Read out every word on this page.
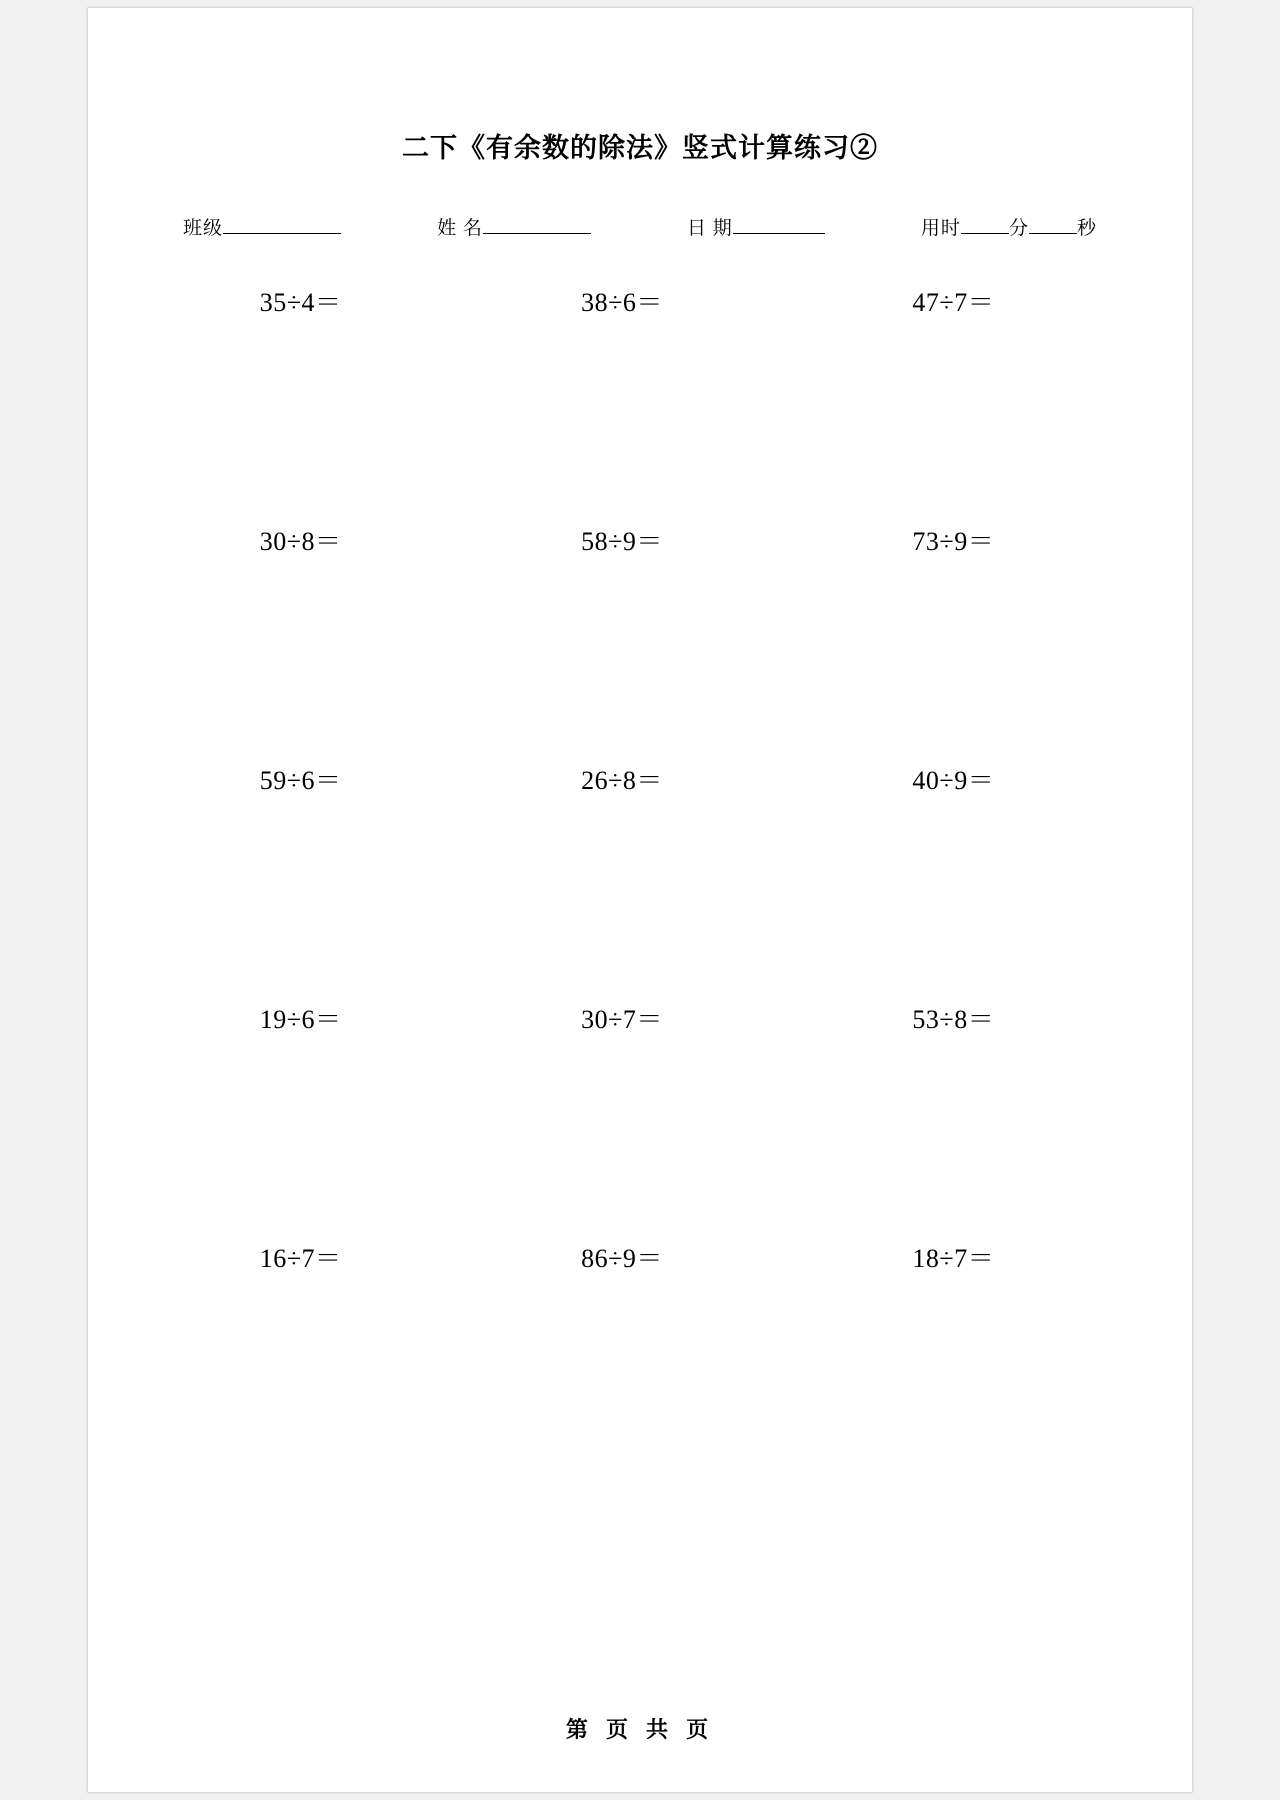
二下《有余数的除法》竖式计算练习②
班级	姓 名	日 期	用时	分	秒
35÷4＝	38÷6＝	47÷7＝
30÷8＝	58÷9＝	73÷9＝
59÷6＝	26÷8＝	40÷9＝
19÷6＝	30÷7＝	53÷8＝
16÷7＝	86÷9＝	18÷7＝
第 页 共 页
